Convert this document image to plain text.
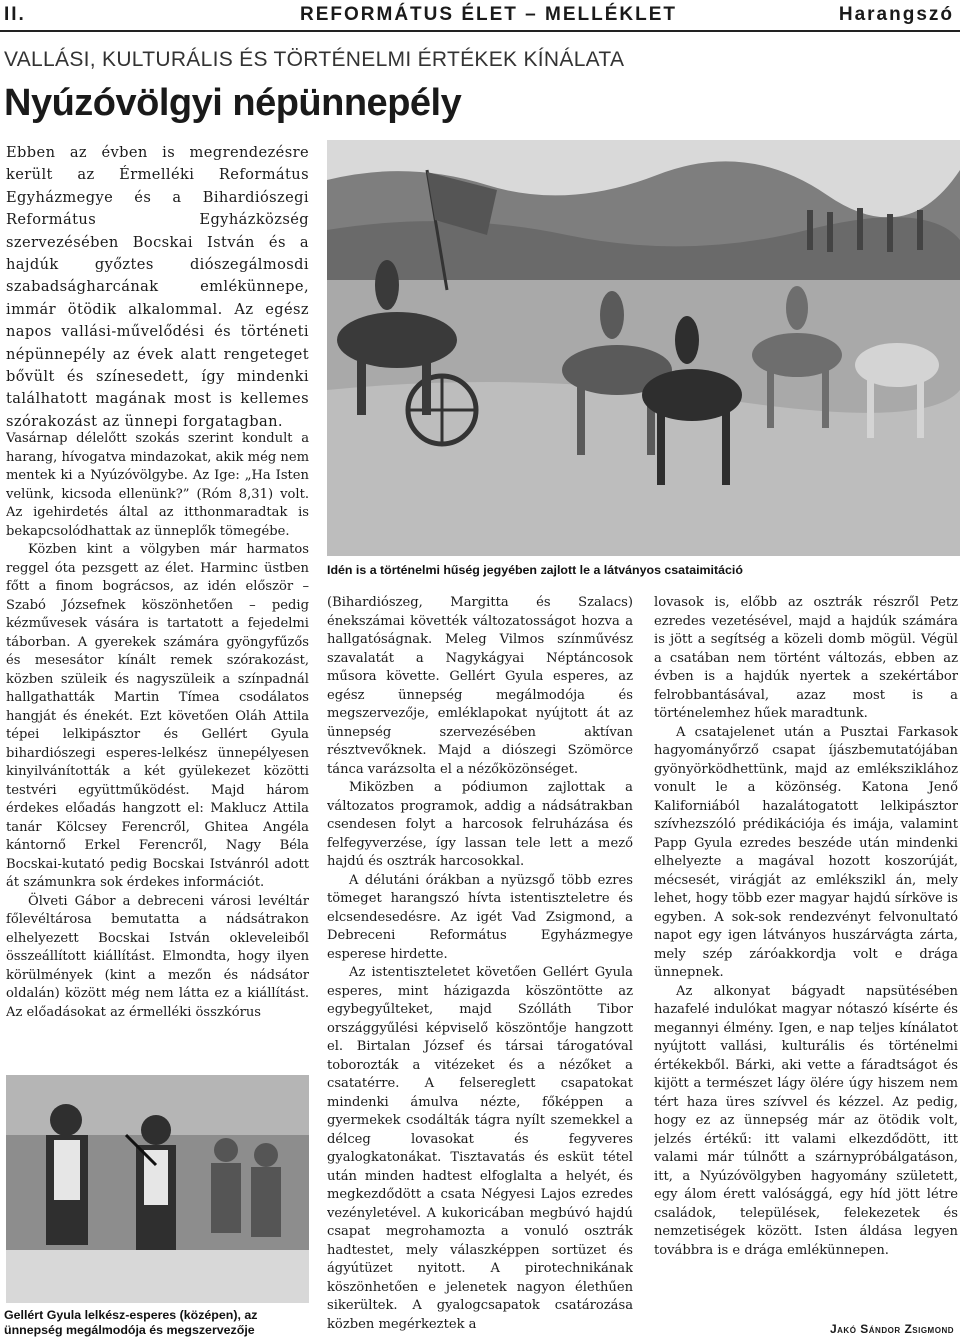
II.	REFORMÁTUS ÉLET – MELLÉKLET	Harangszó
VALLÁSI, KULTURÁLIS ÉS TÖRTÉNELMI ÉRTÉKEK KÍNÁLATA
Nyúzóvölgyi népünnepély
Ebben az évben is megrendezésre került az Érmelléki Református Egyházmegye és a Bihardiószegi Református Egyházközség szervezésében Bocskai István és a hajdúk győztes diószegálmosdi szabadságharcának emlékünnepe, immár ötödik alkalommal. Az egész napos vallási-művelődési és történeti népünnepély az évek alatt rengeteget bővült és színesedett, így mindenki találhatott magának most is kellemes szórakozást az ünnepi forgatagban.
Idén is a történelmi hűség jegyében zajlott le a látványos csataimitáció

Vasárnap délelőtt szokás szerint kondult a harang, hívogatva mindazokat, akik még nem mentek ki a Nyúzóvölgybe. Az Ige: „Ha Isten velünk, kicsoda ellenünk?” (Róm 8,31) volt. Az igehirdetés által az itthonmaradtak is bekapcsolódhattak az ünneplők tömegébe.

Közben kint a völgyben már harmatos reggel óta pezsgett az élet. Harminc üstben főtt a finom bográcsos, az idén először – Szabó Józsefnek köszönhetően – pedig kézművesek vására is tartatott a fejedelmi táborban. A gyerekek számára gyöngyfűzős és mesesátor kínált remek szórakozást, közben szüleik és nagyszüleik a színpadnál hallgathatták Martin Tímea csodálatos hangját és énekét. Ezt követően Oláh Attila tépei lelkipásztor és Gellért Gyula bihardiószegi esperes-lelkész ünnepélyesen kinyilvánították a két gyülekezet közötti testvéri együttműködést. Majd három érdekes előadás hangzott el: Maklucz Attila tanár Kölcsey Ferencről, Ghitea Angéla kántornő Erkel Ferencről, Nagy Béla Bocskai-kutató pedig Bocskai Istvánról adott át számunkra sok érdekes információt.

Ölveti Gábor a debreceni városi levéltár főlevéltárosa bemutatta a nádsátrakon elhelyezett Bocskai István okleveleiből összeállított kiállítást. Elmondta, hogy ilyen körülmények (kint a mezőn és nádsátor oldalán) között még nem látta ez a kiállítást. Az előadásokat az érmelléki összkórus

Gellért Gyula lelkész-esperes (középen), az ünnepség megálmodója és megszervezője

(Bihardiószeg, Margitta és Szalacs) énekszámai követték változatosságot hozva a hallgatóságnak. Meleg Vilmos színművész szavalatát a Nagykágyai Néptáncosok műsora követte. Gellért Gyula esperes, az egész ünnepség megálmodója és megszervezője, emléklapokat nyújtott át az ünnepség szervezésében aktívan résztvevőknek. Majd a diószegi Szömörce tánca varázsolta el a nézőközönséget.

Miközben a pódiumon zajlottak a változatos programok, addig a nádsátrakban csendesen folyt a harcosok felruházása és felfegyverzése, így lassan tele lett a mező hajdú és osztrák harcosokkal.

A délutáni órákban a nyüzsgő több ezres tömeget harangszó hívta istentiszteletre és elcsendesedésre. Az igét Vad Zsigmond, a Debreceni Református Egyházmegye esperese hirdette.

Az istentiszteletet követően Gellért Gyula esperes, mint házigazda köszöntötte az egybegyűlteket, majd Szólláth Tibor országgyűlési képviselő köszöntője hangzott el. Birtalan József és társai tárogatóval toborozták a vitézeket és a nézőket a csatatérre. A felsereglett csapatokat mindenki ámulva nézte, főképpen a gyermekek csodálták tágra nyílt szemekkel a délceg lovasokat és fegyveres gyalogkatonákat. Tisztavatás és esküt tétel után minden hadtest elfoglalta a helyét, és megkezdődött a csata Négyesi Lajos ezredes vezényletével. A kukoricában megbúvó hajdú csapat megrohamozta a vonuló osztrák hadtestet, mely válaszképpen sortüzet és ágyútüzet nyitott. A pirotechnikának köszönhetően e jelenetek nagyon élethűen sikerültek. A gyalogcsapatok csatározása közben megérkeztek a

lovasok is, előbb az osztrák részről Petz ezredes vezetésével, majd a hajdúk számára is jött a segítség a közeli domb mögül. Végül a csatában nem történt változás, ebben az évben is a hajdúk nyertek a szekértábor felrobbantásával, azaz most is a történelemhez hűek maradtunk.

A csatajelenet után a Pusztai Farkasok hagyományőrző csapat íjászbemutatójában gyönyörködhettünk, majd az emléksziklához vonult le a közönség. Katona Jenő Kaliforniából hazalátogatott lelkipásztor szívhezszóló prédikációja és imája, valamint Papp Gyula ezredes beszéde után mindenki elhelyezte a magával hozott koszorúját, mécsesét, virágját az emlékszikl án, mely lehet, hogy több ezer magyar hajdú sírköve is egyben. A sok-sok rendezvényt felvonultató napot egy igen látványos huszárvágta zárta, mely szép záróakkordja volt e drága ünnepnek.

Az alkonyat bágyadt napsütésében hazafelé indulókat magyar nótaszó kísérte és megannyi élmény. Igen, e nap teljes kínálatot nyújtott vallási, kulturális és történelmi értékekből. Bárki, aki vette a fáradtságot és kijött a természet lágy ölére úgy hiszem nem tért haza üres szívvel és kézzel. Az pedig, hogy ez az ünnepség már az ötödik volt, jelzés értékű: itt valami elkezdődött, itt valami már túlnőtt a szárnypróbálgatáson, itt, a Nyúzóvölgyben hagyomány született, egy álom érett valósággá, egy híd jött létre családok, települések, felekezetek és nemzetiségek között. Isten áldása legyen továbbra is e drága emlékünnepen.

Jakó Sándor Zsigmond
